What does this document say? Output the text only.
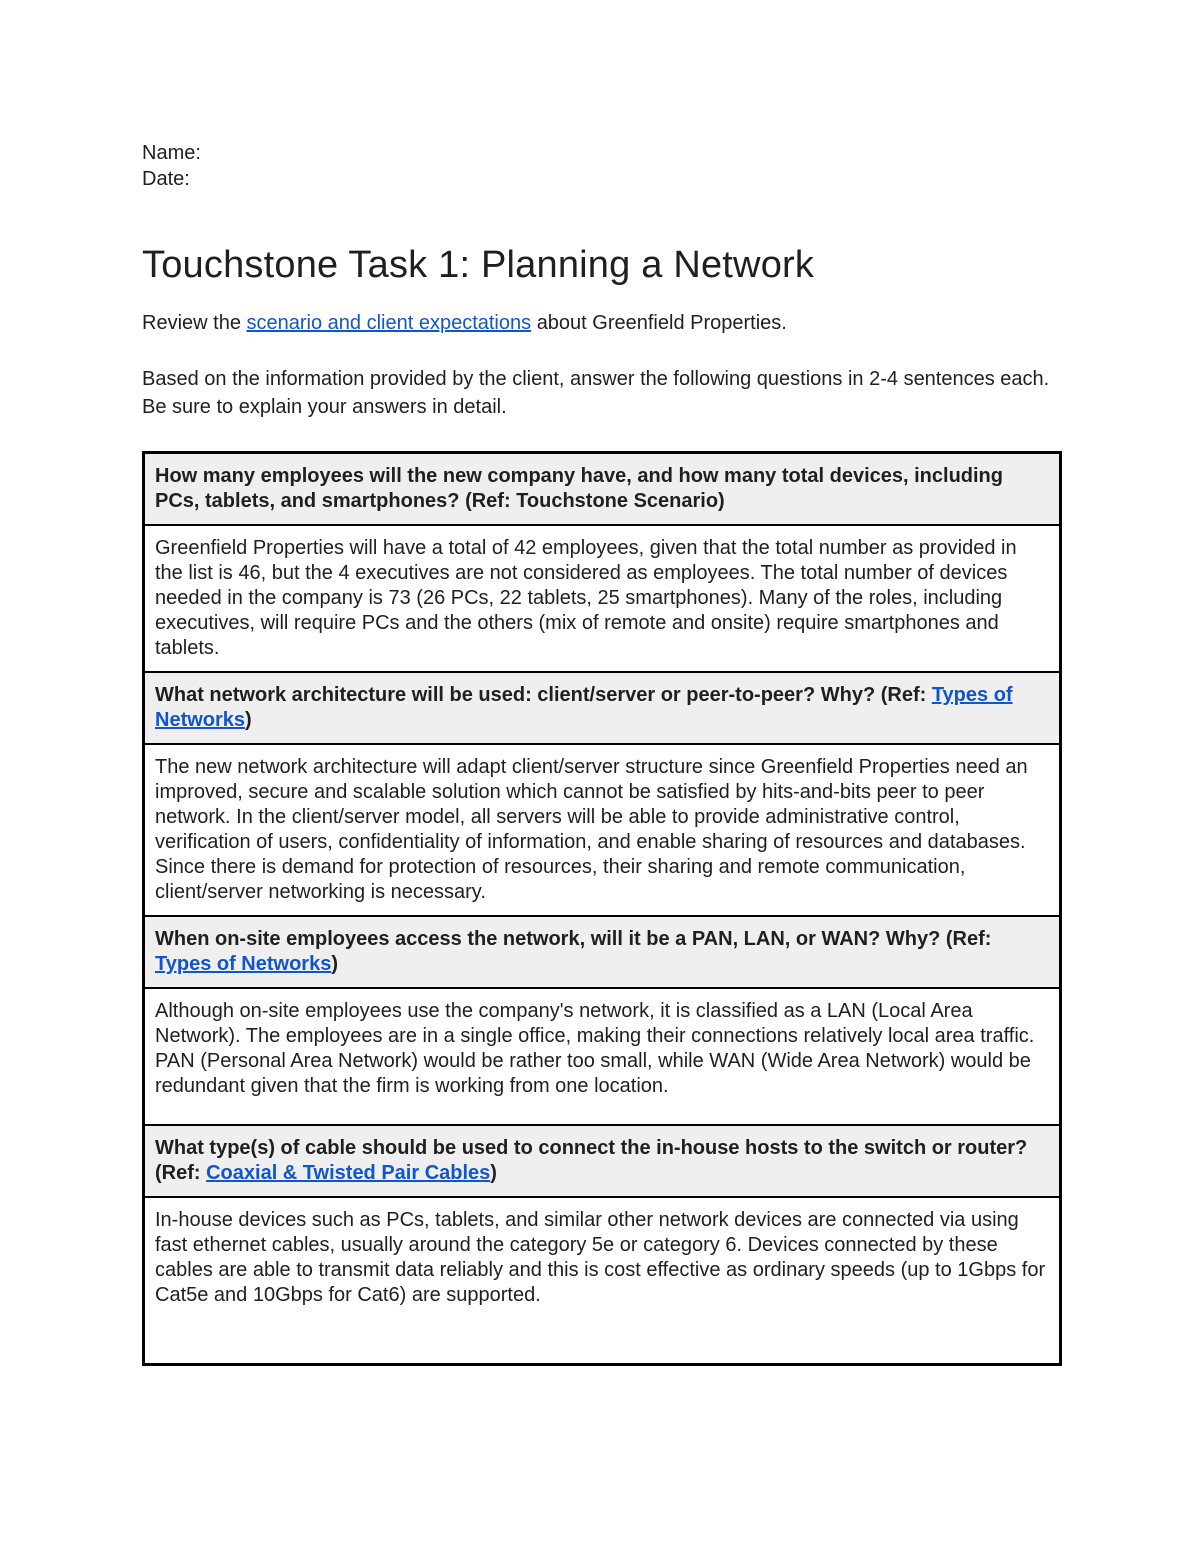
Name:

Date:

Touchstone Task 1: Planning a Network

Review the scenario and client expectations about Greenfield Properties.

Based on the information provided by the client, answer the following questions in 2-4 sentences each. Be sure to explain your answers in detail.

How many employees will the new company have, and how many total devices, including PCs, tablets, and smartphones? (Ref: Touchstone Scenario)
Greenfield Properties will have a total of 42 employees, given that the total number as provided in the list is 46, but the 4 executives are not considered as employees. The total number of devices needed in the company is 73 (26 PCs, 22 tablets, 25 smartphones). Many of the roles, including executives, will require PCs and the others (mix of remote and onsite) require smartphones and tablets.
What network architecture will be used: client/server or peer-to-peer? Why? (Ref: Types of Networks)
The new network architecture will adapt client/server structure since Greenfield Properties need an improved, secure and scalable solution which cannot be satisfied by hits-and-bits peer to peer network. In the client/server model, all servers will be able to provide administrative control, verification of users, confidentiality of information, and enable sharing of resources and databases. Since there is demand for protection of resources, their sharing and remote communication, client/server networking is necessary.
When on-site employees access the network, will it be a PAN, LAN, or WAN? Why? (Ref: Types of Networks)
Although on-site employees use the company's network, it is classified as a LAN (Local Area Network). The employees are in a single office, making their connections relatively local area traffic. PAN (Personal Area Network) would be rather too small, while WAN (Wide Area Network) would be redundant given that the firm is working from one location.
What type(s) of cable should be used to connect the in-house hosts to the switch or router? (Ref: Coaxial & Twisted Pair Cables)
In-house devices such as PCs, tablets, and similar other network devices are connected via using fast ethernet cables, usually around the category 5e or category 6. Devices connected by these cables are able to transmit data reliably and this is cost effective as ordinary speeds (up to 1Gbps for Cat5e and 10Gbps for Cat6) are supported.
